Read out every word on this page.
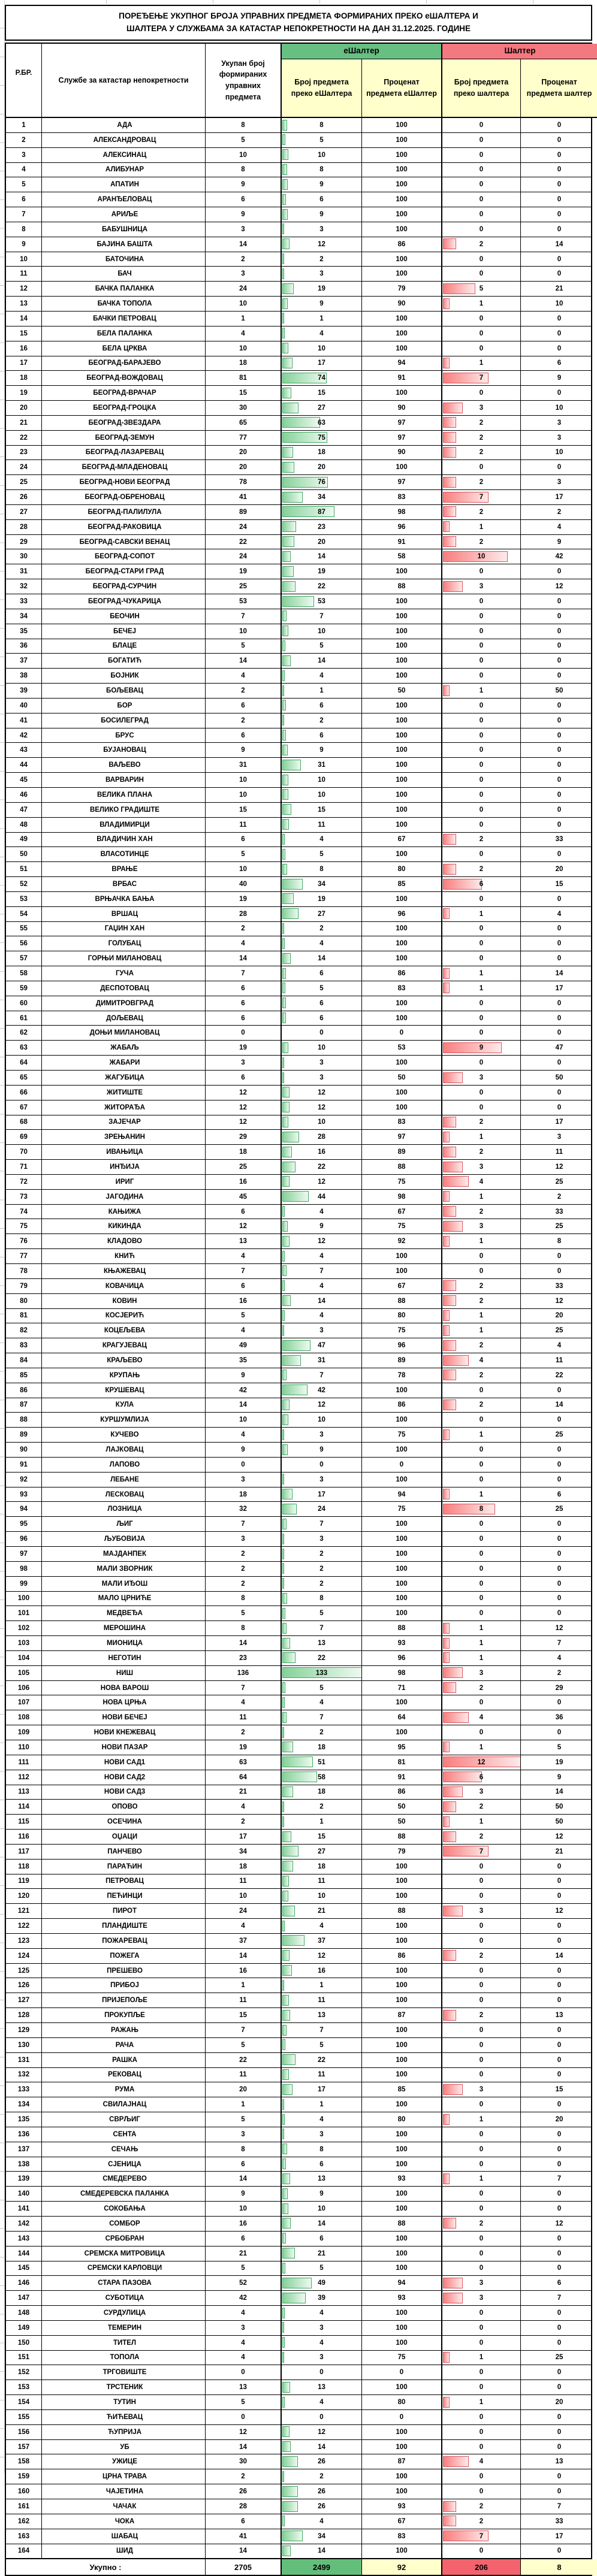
ПОРЕЂЕЊЕ УКУПНОГ БРОЈА УПРАВНИХ ПРЕДМЕТА ФОРМИРАНИХ ПРЕКО еШАЛТЕРА И
ШАЛТЕРА У СЛУЖБАМА ЗА КАТАСТАР НЕПОКРЕТНОСТИ НА ДАН 31.12.2025. ГОДИНЕ
Р.БР.
Службе за катастар непокретности
Укупан број формираних управних предмета
еШалтер	Шалтер
Број предмета преко еШалтера
Проценат предмета еШалтер
Број предмета преко шалтера
Проценат предмета шалтер
1	АДА	8	8	100	0	0
2	АЛЕКСАНДРОВАЦ	5	5	100	0	0
3	АЛЕКСИНАЦ	10	10	100	0	0
4	АЛИБУНАР	8	8	100	0	0
5	АПАТИН	9	9	100	0	0
6	АРАНЂЕЛОВАЦ	6	6	100	0	0
7	АРИЉЕ	9	9	100	0	0
8	БАБУШНИЦА	3	3	100	0	0
9	БАЈИНА БАШТА	14	12	86	2	14
10	БАТОЧИНА	2	2	100	0	0
11	БАЧ	3	3	100	0	0
12	БАЧКА ПАЛАНКА	24	19	79	5	21
13	БАЧКА ТОПОЛА	10	9	90	1	10
14	БАЧКИ ПЕТРОВАЦ	1	1	100	0	0
15	БЕЛА ПАЛАНКА	4	4	100	0	0
16	БЕЛА ЦРКВА	10	10	100	0	0
17	БЕОГРАД-БАРАЈЕВО	18	17	94	1	6
18	БЕОГРАД-ВОЖДОВАЦ	81	74	91	7	9
19	БЕОГРАД-ВРАЧАР	15	15	100	0	0
20	БЕОГРАД-ГРОЦКА	30	27	90	3	10
21	БЕОГРАД-ЗВЕЗДАРА	65	63	97	2	3
22	БЕОГРАД-ЗЕМУН	77	75	97	2	3
23	БЕОГРАД-ЛАЗАРЕВАЦ	20	18	90	2	10
24	БЕОГРАД-МЛАДЕНОВАЦ	20	20	100	0	0
25	БЕОГРАД-НОВИ БЕОГРАД	78	76	97	2	3
26	БЕОГРАД-ОБРЕНОВАЦ	41	34	83	7	17
27	БЕОГРАД-ПАЛИЛУЛА	89	87	98	2	2
28	БЕОГРАД-РАКОВИЦА	24	23	96	1	4
29	БЕОГРАД-САВСКИ ВЕНАЦ	22	20	91	2	9
30	БЕОГРАД-СОПОТ	24	14	58	10	42
31	БЕОГРАД-СТАРИ ГРАД	19	19	100	0	0
32	БЕОГРАД-СУРЧИН	25	22	88	3	12
33	БЕОГРАД-ЧУКАРИЦА	53	53	100	0	0
34	БЕОЧИН	7	7	100	0	0
35	БЕЧЕЈ	10	10	100	0	0
36	БЛАЦЕ	5	5	100	0	0
37	БОГАТИЋ	14	14	100	0	0
38	БОЈНИК	4	4	100	0	0
39	БОЉЕВАЦ	2	1	50	1	50
40	БОР	6	6	100	0	0
41	БОСИЛЕГРАД	2	2	100	0	0
42	БРУС	6	6	100	0	0
43	БУЈАНОВАЦ	9	9	100	0	0
44	ВАЉЕВО	31	31	100	0	0
45	ВАРВАРИН	10	10	100	0	0
46	ВЕЛИКА ПЛАНА	10	10	100	0	0
47	ВЕЛИКО ГРАДИШТЕ	15	15	100	0	0
48	ВЛАДИМИРЦИ	11	11	100	0	0
49	ВЛАДИЧИН ХАН	6	4	67	2	33
50	ВЛАСОТИНЦЕ	5	5	100	0	0
51	ВРАЊЕ	10	8	80	2	20
52	ВРБАС	40	34	85	6	15
53	ВРЊАЧКА БАЊА	19	19	100	0	0
54	ВРШАЦ	28	27	96	1	4
55	ГАЏИН ХАН	2	2	100	0	0
56	ГОЛУБАЦ	4	4	100	0	0
57	ГОРЊИ МИЛАНОВАЦ	14	14	100	0	0
58	ГУЧА	7	6	86	1	14
59	ДЕСПОТОВАЦ	6	5	83	1	17
60	ДИМИТРОВГРАД	6	6	100	0	0
61	ДОЉЕВАЦ	6	6	100	0	0
62	ДОЊИ МИЛАНОВАЦ	0	0	0	0	0
63	ЖАБАЉ	19	10	53	9	47
64	ЖАБАРИ	3	3	100	0	0
65	ЖАГУБИЦА	6	3	50	3	50
66	ЖИТИШТЕ	12	12	100	0	0
67	ЖИТОРАЂА	12	12	100	0	0
68	ЗАЈЕЧАР	12	10	83	2	17
69	ЗРЕЊАНИН	29	28	97	1	3
70	ИВАЊИЦА	18	16	89	2	11
71	ИНЂИЈА	25	22	88	3	12
72	ИРИГ	16	12	75	4	25
73	ЈАГОДИНА	45	44	98	1	2
74	КАЊИЖА	6	4	67	2	33
75	КИКИНДА	12	9	75	3	25
76	КЛАДОВО	13	12	92	1	8
77	КНИЋ	4	4	100	0	0
78	КЊАЖЕВАЦ	7	7	100	0	0
79	КОВАЧИЦА	6	4	67	2	33
80	КОВИН	16	14	88	2	12
81	КОСЈЕРИЋ	5	4	80	1	20
82	КОЦЕЉЕВА	4	3	75	1	25
83	КРАГУЈЕВАЦ	49	47	96	2	4
84	КРАЉЕВО	35	31	89	4	11
85	КРУПАЊ	9	7	78	2	22
86	КРУШЕВАЦ	42	42	100	0	0
87	КУЛА	14	12	86	2	14
88	КУРШУМЛИЈА	10	10	100	0	0
89	КУЧЕВО	4	3	75	1	25
90	ЛАЈКОВАЦ	9	9	100	0	0
91	ЛАПОВО	0	0	0	0	0
92	ЛЕБАНЕ	3	3	100	0	0
93	ЛЕСКОВАЦ	18	17	94	1	6
94	ЛОЗНИЦА	32	24	75	8	25
95	ЉИГ	7	7	100	0	0
96	ЉУБОВИЈА	3	3	100	0	0
97	МАЈДАНПЕК	2	2	100	0	0
98	МАЛИ ЗВОРНИК	2	2	100	0	0
99	МАЛИ ИЂОШ	2	2	100	0	0
100	МАЛО ЦРНИЋЕ	8	8	100	0	0
101	МЕДВЕЂА	5	5	100	0	0
102	МЕРОШИНА	8	7	88	1	12
103	МИОНИЦА	14	13	93	1	7
104	НЕГОТИН	23	22	96	1	4
105	НИШ	136	133	98	3	2
106	НОВА ВАРОШ	7	5	71	2	29
107	НОВА ЦРЊА	4	4	100	0	0
108	НОВИ БЕЧЕЈ	11	7	64	4	36
109	НОВИ КНЕЖЕВАЦ	2	2	100	0	0
110	НОВИ ПАЗАР	19	18	95	1	5
111	НОВИ САД1	63	51	81	12	19
112	НОВИ САД2	64	58	91	6	9
113	НОВИ САД3	21	18	86	3	14
114	ОПОВО	4	2	50	2	50
115	ОСЕЧИНА	2	1	50	1	50
116	ОЏАЦИ	17	15	88	2	12
117	ПАНЧЕВО	34	27	79	7	21
118	ПАРАЋИН	18	18	100	0	0
119	ПЕТРОВАЦ	11	11	100	0	0
120	ПЕЋИНЦИ	10	10	100	0	0
121	ПИРОТ	24	21	88	3	12
122	ПЛАНДИШТЕ	4	4	100	0	0
123	ПОЖАРЕВАЦ	37	37	100	0	0
124	ПОЖЕГА	14	12	86	2	14
125	ПРЕШЕВО	16	16	100	0	0
126	ПРИБОЈ	1	1	100	0	0
127	ПРИЈЕПОЉЕ	11	11	100	0	0
128	ПРОКУПЉЕ	15	13	87	2	13
129	РАЖАЊ	7	7	100	0	0
130	РАЧА	5	5	100	0	0
131	РАШКА	22	22	100	0	0
132	РЕКОВАЦ	11	11	100	0	0
133	РУМА	20	17	85	3	15
134	СВИЛАЈНАЦ	1	1	100	0	0
135	СВРЉИГ	5	4	80	1	20
136	СЕНТА	3	3	100	0	0
137	СЕЧАЊ	8	8	100	0	0
138	СЈЕНИЦА	6	6	100	0	0
139	СМЕДЕРЕВО	14	13	93	1	7
140	СМЕДЕРЕВСКА ПАЛАНКА	9	9	100	0	0
141	СОКОБАЊА	10	10	100	0	0
142	СОМБОР	16	14	88	2	12
143	СРБОБРАН	6	6	100	0	0
144	СРЕМСКА МИТРОВИЦА	21	21	100	0	0
145	СРЕМСКИ КАРЛОВЦИ	5	5	100	0	0
146	СТАРА ПАЗОВА	52	49	94	3	6
147	СУБОТИЦА	42	39	93	3	7
148	СУРДУЛИЦА	4	4	100	0	0
149	ТЕМЕРИН	3	3	100	0	0
150	ТИТЕЛ	4	4	100	0	0
151	ТОПОЛА	4	3	75	1	25
152	ТРГОВИШТЕ	0	0	0	0	0
153	ТРСТЕНИК	13	13	100	0	0
154	ТУТИН	5	4	80	1	20
155	ЋИЋЕВАЦ	0	0	0	0	0
156	ЋУПРИЈА	12	12	100	0	0
157	УБ	14	14	100	0	0
158	УЖИЦЕ	30	26	87	4	13
159	ЦРНА ТРАВА	2	2	100	0	0
160	ЧАЈЕТИНА	26	26	100	0	0
161	ЧАЧАК	28	26	93	2	7
162	ЧОКА	6	4	67	2	33
163	ШАБАЦ	41	34	83	7	17
164	ШИД	14	14	100	0	0
Укупно :	2705	2499	92	206	8
